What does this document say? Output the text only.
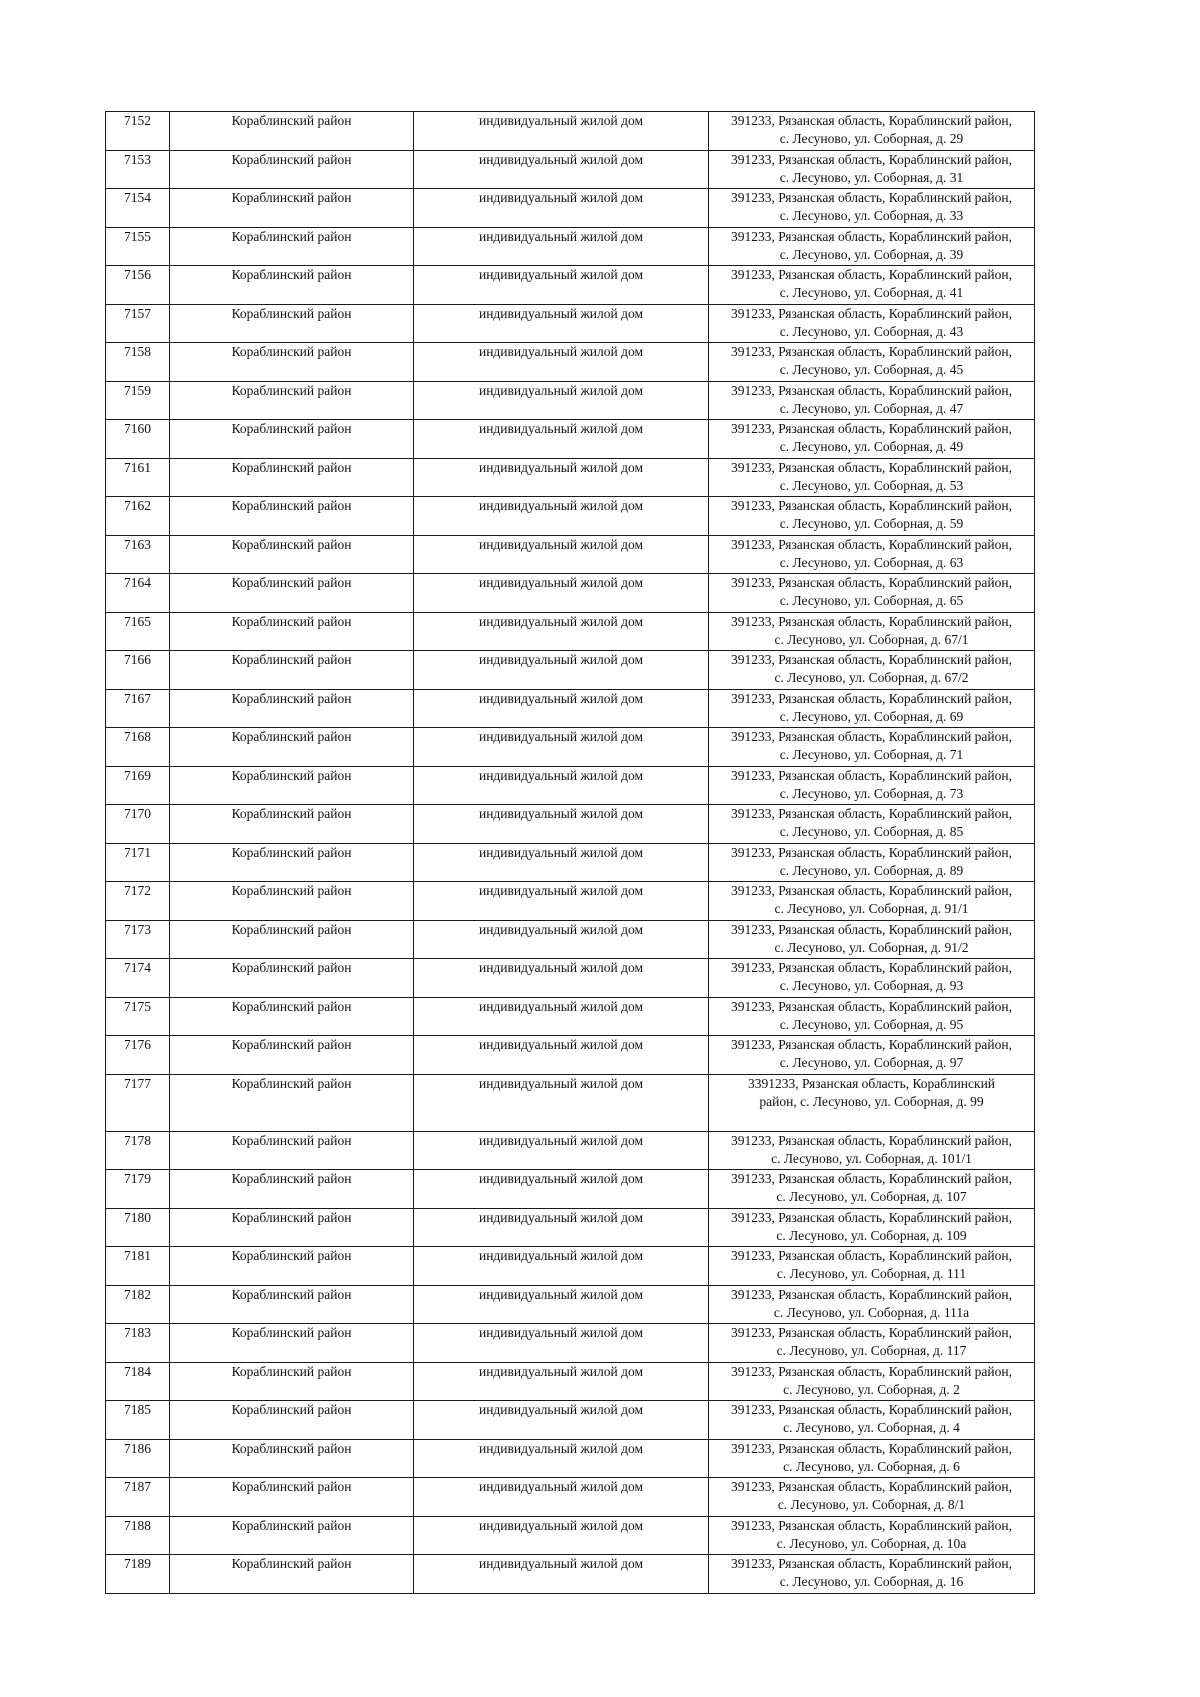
7152	Кораблинский район	индивидуальный жилой дом	391233, Рязанская область, Кораблинский район,
с. Лесуново, ул. Соборная, д. 29

7153	Кораблинский район	индивидуальный жилой дом	391233, Рязанская область, Кораблинский район,
с. Лесуново, ул. Соборная, д. 31

7154	Кораблинский район	индивидуальный жилой дом	391233, Рязанская область, Кораблинский район,
с. Лесуново, ул. Соборная, д. 33

7155	Кораблинский район	индивидуальный жилой дом	391233, Рязанская область, Кораблинский район,
с. Лесуново, ул. Соборная, д. 39

7156	Кораблинский район	индивидуальный жилой дом	391233, Рязанская область, Кораблинский район,
с. Лесуново, ул. Соборная, д. 41

7157	Кораблинский район	индивидуальный жилой дом	391233, Рязанская область, Кораблинский район,
с. Лесуново, ул. Соборная, д. 43

7158	Кораблинский район	индивидуальный жилой дом	391233, Рязанская область, Кораблинский район,
с. Лесуново, ул. Соборная, д. 45

7159	Кораблинский район	индивидуальный жилой дом	391233, Рязанская область, Кораблинский район,
с. Лесуново, ул. Соборная, д. 47

7160	Кораблинский район	индивидуальный жилой дом	391233, Рязанская область, Кораблинский район,
с. Лесуново, ул. Соборная, д. 49

7161	Кораблинский район	индивидуальный жилой дом	391233, Рязанская область, Кораблинский район,
с. Лесуново, ул. Соборная, д. 53

7162	Кораблинский район	индивидуальный жилой дом	391233, Рязанская область, Кораблинский район,
с. Лесуново, ул. Соборная, д. 59

7163	Кораблинский район	индивидуальный жилой дом	391233, Рязанская область, Кораблинский район,
с. Лесуново, ул. Соборная, д. 63

7164	Кораблинский район	индивидуальный жилой дом	391233, Рязанская область, Кораблинский район,
с. Лесуново, ул. Соборная, д. 65

7165	Кораблинский район	индивидуальный жилой дом	391233, Рязанская область, Кораблинский район,
с. Лесуново, ул. Соборная, д. 67/1

7166	Кораблинский район	индивидуальный жилой дом	391233, Рязанская область, Кораблинский район,
с. Лесуново, ул. Соборная, д. 67/2

7167	Кораблинский район	индивидуальный жилой дом	391233, Рязанская область, Кораблинский район,
с. Лесуново, ул. Соборная, д. 69

7168	Кораблинский район	индивидуальный жилой дом	391233, Рязанская область, Кораблинский район,
с. Лесуново, ул. Соборная, д. 71

7169	Кораблинский район	индивидуальный жилой дом	391233, Рязанская область, Кораблинский район,
с. Лесуново, ул. Соборная, д. 73

7170	Кораблинский район	индивидуальный жилой дом	391233, Рязанская область, Кораблинский район,
с. Лесуново, ул. Соборная, д. 85

7171	Кораблинский район	индивидуальный жилой дом	391233, Рязанская область, Кораблинский район,
с. Лесуново, ул. Соборная, д. 89

7172	Кораблинский район	индивидуальный жилой дом	391233, Рязанская область, Кораблинский район,
с. Лесуново, ул. Соборная, д. 91/1

7173	Кораблинский район	индивидуальный жилой дом	391233, Рязанская область, Кораблинский район,
с. Лесуново, ул. Соборная, д. 91/2

7174	Кораблинский район	индивидуальный жилой дом	391233, Рязанская область, Кораблинский район,
с. Лесуново, ул. Соборная, д. 93

7175	Кораблинский район	индивидуальный жилой дом	391233, Рязанская область, Кораблинский район,
с. Лесуново, ул. Соборная, д. 95

7176	Кораблинский район	индивидуальный жилой дом	391233, Рязанская область, Кораблинский район,
с. Лесуново, ул. Соборная, д. 97

7177	Кораблинский район	индивидуальный жилой дом	3391233, Рязанская область, Кораблинский
район, с. Лесуново, ул. Соборная, д. 99

7178	Кораблинский район	индивидуальный жилой дом	391233, Рязанская область, Кораблинский район,
с. Лесуново, ул. Соборная, д. 101/1

7179	Кораблинский район	индивидуальный жилой дом	391233, Рязанская область, Кораблинский район,
с. Лесуново, ул. Соборная, д. 107

7180	Кораблинский район	индивидуальный жилой дом	391233, Рязанская область, Кораблинский район,
с. Лесуново, ул. Соборная, д. 109

7181	Кораблинский район	индивидуальный жилой дом	391233, Рязанская область, Кораблинский район,
с. Лесуново, ул. Соборная, д. 111

7182	Кораблинский район	индивидуальный жилой дом	391233, Рязанская область, Кораблинский район,
с. Лесуново, ул. Соборная, д. 111а

7183	Кораблинский район	индивидуальный жилой дом	391233, Рязанская область, Кораблинский район,
с. Лесуново, ул. Соборная, д. 117

7184	Кораблинский район	индивидуальный жилой дом	391233, Рязанская область, Кораблинский район,
с. Лесуново, ул. Соборная, д. 2

7185	Кораблинский район	индивидуальный жилой дом	391233, Рязанская область, Кораблинский район,
с. Лесуново, ул. Соборная, д. 4

7186	Кораблинский район	индивидуальный жилой дом	391233, Рязанская область, Кораблинский район,
с. Лесуново, ул. Соборная, д. 6

7187	Кораблинский район	индивидуальный жилой дом	391233, Рязанская область, Кораблинский район,
с. Лесуново, ул. Соборная, д. 8/1

7188	Кораблинский район	индивидуальный жилой дом	391233, Рязанская область, Кораблинский район,
с. Лесуново, ул. Соборная, д. 10а

7189	Кораблинский район	индивидуальный жилой дом	391233, Рязанская область, Кораблинский район,
с. Лесуново, ул. Соборная, д. 16
